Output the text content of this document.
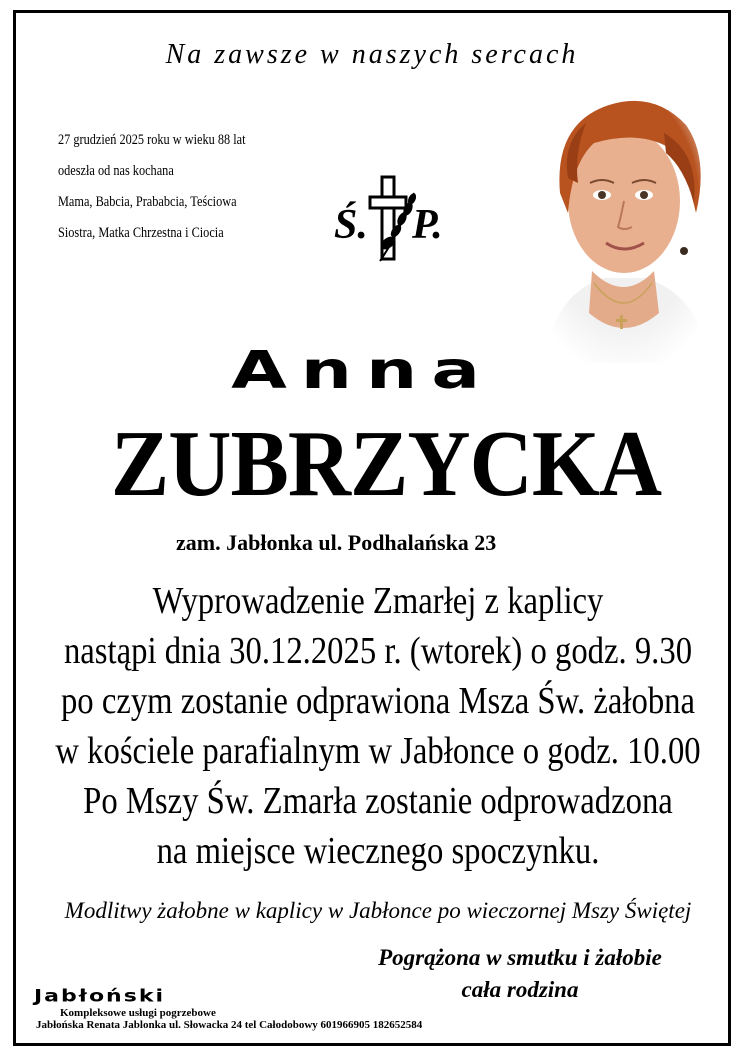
Na zawsze w naszych sercach
27 grudzień 2025 roku w wieku 88 lat
odeszła od nas kochana
Mama, Babcia, Prababcia, Teściowa
Siostra, Matka Chrzestna i Ciocia	Ś. P.
Anna
ZUBRZYCKA
zam. Jabłonka ul. Podhalańska 23
Wyprowadzenie Zmarłej z kaplicy
nastąpi dnia 30.12.2025 r. (wtorek) o godz. 9.30
po czym zostanie odprawiona Msza Św. żałobna
w kościele parafialnym w Jabłonce o godz. 10.00
Po Mszy Św. Zmarła zostanie odprowadzona
na miejsce wiecznego spoczynku.
Modlitwy żałobne w kaplicy w Jabłonce po wieczornej Mszy Świętej
Pogrążona w smutku i żałobie
cała rodzina
Jabłoński
Kompleksowe usługi pogrzebowe
Jabłońska Renata Jablonka ul. Słowacka 24 tel Całodobowy 601966905 182652584
